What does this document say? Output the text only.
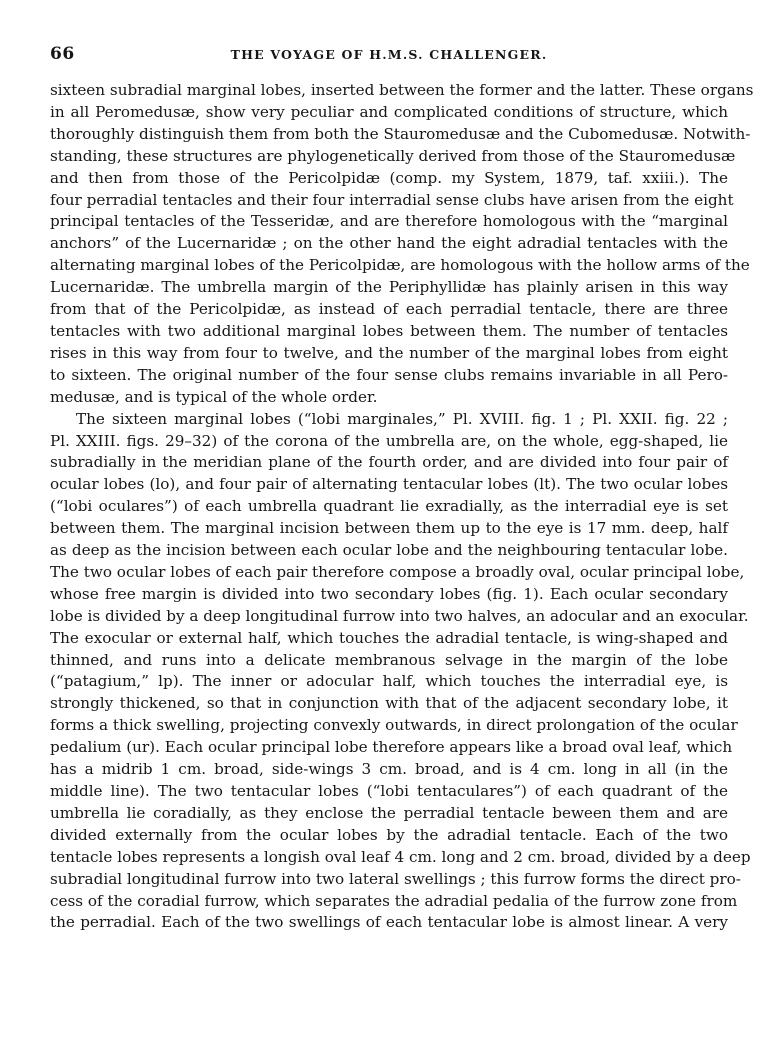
66	THE VOYAGE OF H.M.S. CHALLENGER.

sixteen subradial marginal lobes, inserted between the former and the latter. These organs
in all Peromedusæ, show very peculiar and complicated conditions of structure, which
thoroughly distinguish them from both the Stauromedusæ and the Cubomedusæ. Notwith-
standing, these structures are phylogenetically derived from those of the Stauromedusæ
and then from those of the Pericolpidæ (comp. my System, 1879, taf. xxiii.). The
four perradial tentacles and their four interradial sense clubs have arisen from the eight
principal tentacles of the Tesseridæ, and are therefore homologous with the “marginal
anchors” of the Lucernaridæ ; on the other hand the eight adradial tentacles with the
alternating marginal lobes of the Pericolpidæ, are homologous with the hollow arms of the
Lucernaridæ. The umbrella margin of the Periphyllidæ has plainly arisen in this way
from that of the Pericolpidæ, as instead of each perradial tentacle, there are three
tentacles with two additional marginal lobes between them. The number of tentacles
rises in this way from four to twelve, and the number of the marginal lobes from eight
to sixteen. The original number of the four sense clubs remains invariable in all Pero-
medusæ, and is typical of the whole order.

The sixteen marginal lobes (“lobi marginales,” Pl. XVIII. fig. 1 ; Pl. XXII. fig. 22 ;
Pl. XXIII. figs. 29–32) of the corona of the umbrella are, on the whole, egg-shaped, lie
subradially in the meridian plane of the fourth order, and are divided into four pair of
ocular lobes (lo), and four pair of alternating tentacular lobes (lt). The two ocular lobes
(“lobi oculares”) of each umbrella quadrant lie exradially, as the interradial eye is set
between them. The marginal incision between them up to the eye is 17 mm. deep, half
as deep as the incision between each ocular lobe and the neighbouring tentacular lobe.
The two ocular lobes of each pair therefore compose a broadly oval, ocular principal lobe,
whose free margin is divided into two secondary lobes (fig. 1). Each ocular secondary
lobe is divided by a deep longitudinal furrow into two halves, an adocular and an exocular.
The exocular or external half, which touches the adradial tentacle, is wing-shaped and
thinned, and runs into a delicate membranous selvage in the margin of the lobe
(“patagium,” lp). The inner or adocular half, which touches the interradial eye, is
strongly thickened, so that in conjunction with that of the adjacent secondary lobe, it
forms a thick swelling, projecting convexly outwards, in direct prolongation of the ocular
pedalium (ur). Each ocular principal lobe therefore appears like a broad oval leaf, which
has a midrib 1 cm. broad, side-wings 3 cm. broad, and is 4 cm. long in all (in the
middle line). The two tentacular lobes (“lobi tentaculares”) of each quadrant of the
umbrella lie coradially, as they enclose the perradial tentacle beween them and are
divided externally from the ocular lobes by the adradial tentacle. Each of the two
tentacle lobes represents a longish oval leaf 4 cm. long and 2 cm. broad, divided by a deep
subradial longitudinal furrow into two lateral swellings ; this furrow forms the direct pro-
cess of the coradial furrow, which separates the adradial pedalia of the furrow zone from
the perradial. Each of the two swellings of each tentacular lobe is almost linear. A very
